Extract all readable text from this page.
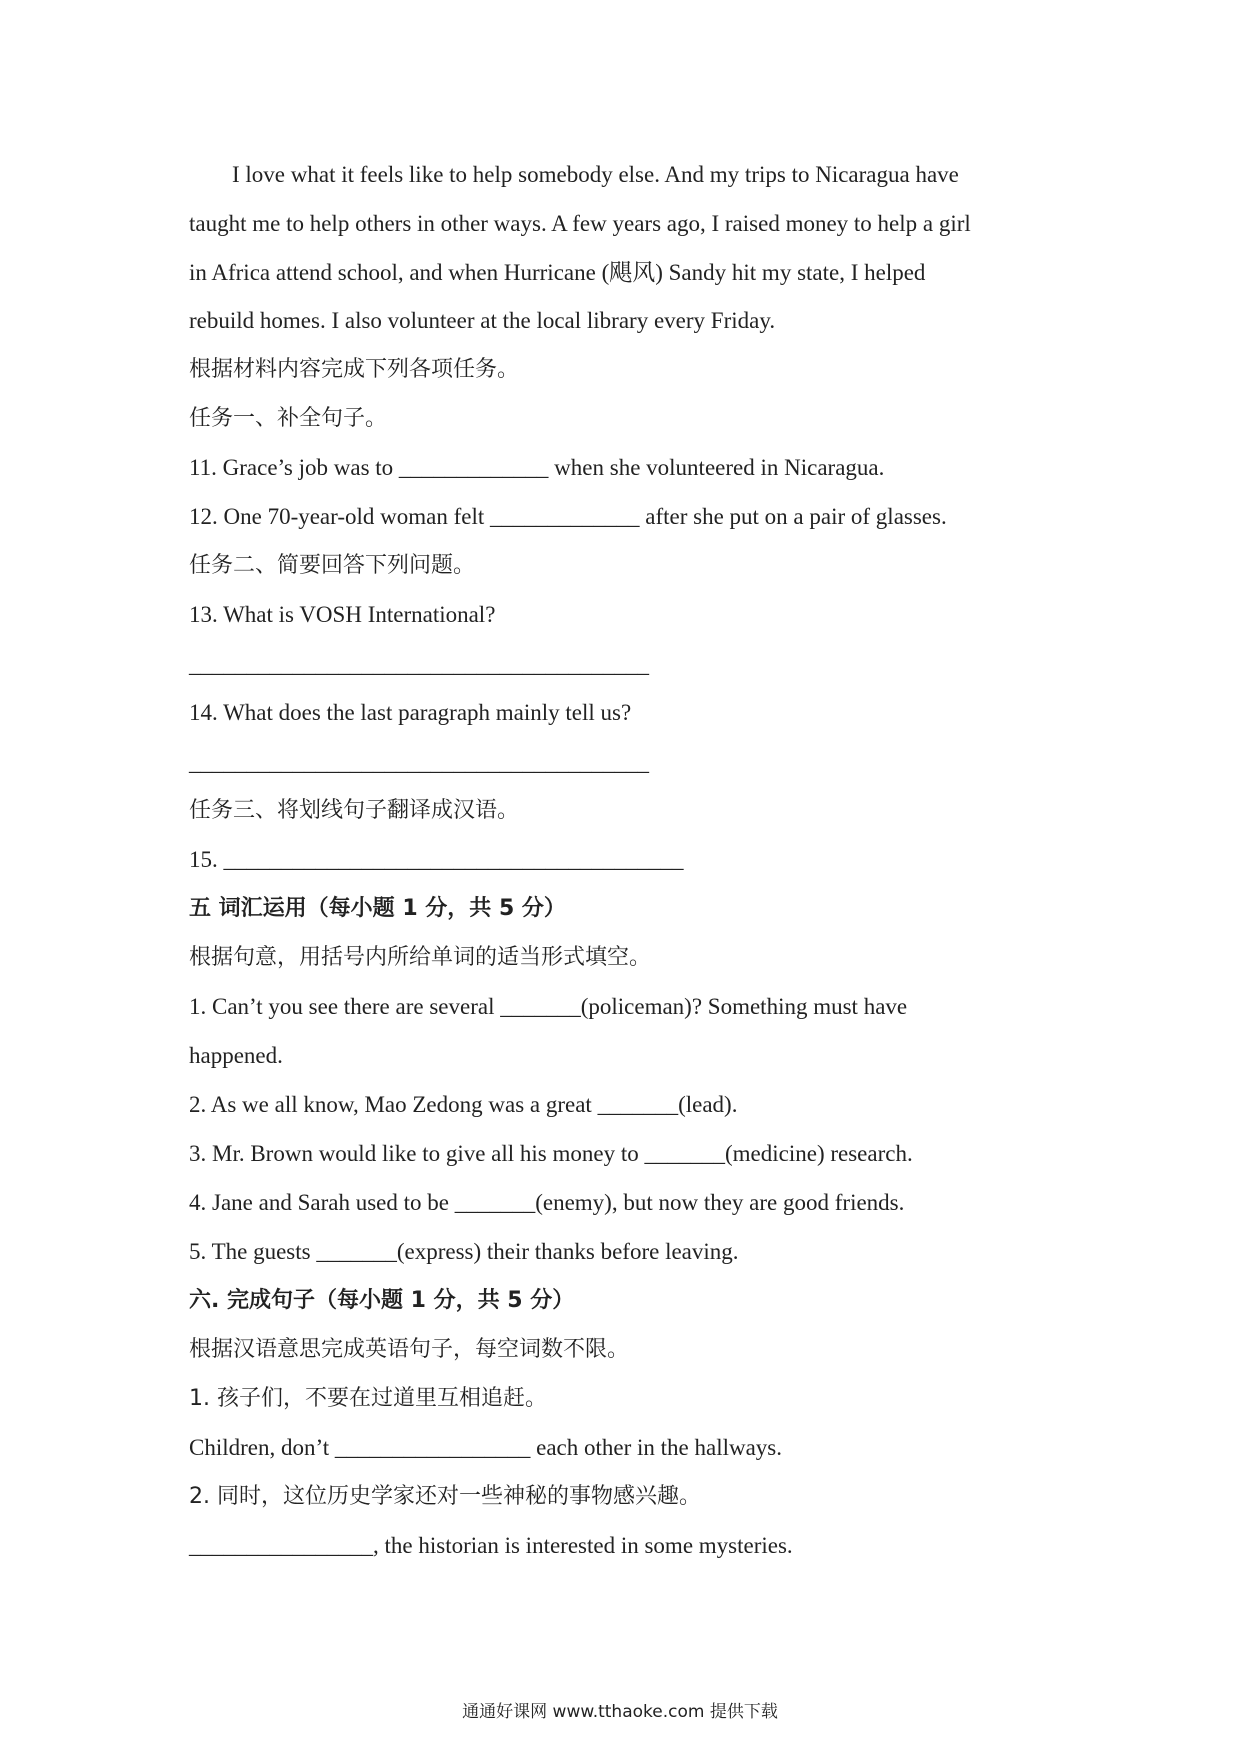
I love what it feels like to help somebody else. And my trips to Nicaragua have
taught me to help others in other ways. A few years ago, I raised money to help a girl
in Africa attend school, and when Hurricane (飓风) Sandy hit my state, I helped
rebuild homes. I also volunteer at the local library every Friday.
根据材料内容完成下列各项任务。
任务一、补全句子。
11. Grace’s job was to _____________ when she volunteered in Nicaragua.
12. One 70-year-old woman felt _____________ after she put on a pair of glasses.
任务二、简要回答下列问题。
13. What is VOSH International?
________________________________________
14. What does the last paragraph mainly tell us?
________________________________________
任务三、将划线句子翻译成汉语。
15. ________________________________________
五 词汇运用（每小题 1 分，共 5 分）
根据句意，用括号内所给单词的适当形式填空。
1. Can’t you see there are several _______(policeman)? Something must have
happened.
2. As we all know, Mao Zedong was a great _______(lead).
3. Mr. Brown would like to give all his money to _______(medicine) research.
4. Jane and Sarah used to be _______(enemy), but now they are good friends.
5. The guests _______(express) their thanks before leaving.
六. 完成句子（每小题 1 分，共 5 分）
根据汉语意思完成英语句子，每空词数不限。
1. 孩子们，不要在过道里互相追赶。
Children, don’t _________________ each other in the hallways.
2. 同时，这位历史学家还对一些神秘的事物感兴趣。
________________, the historian is interested in some mysteries.
通通好课网 www.tthaoke.com 提供下载
